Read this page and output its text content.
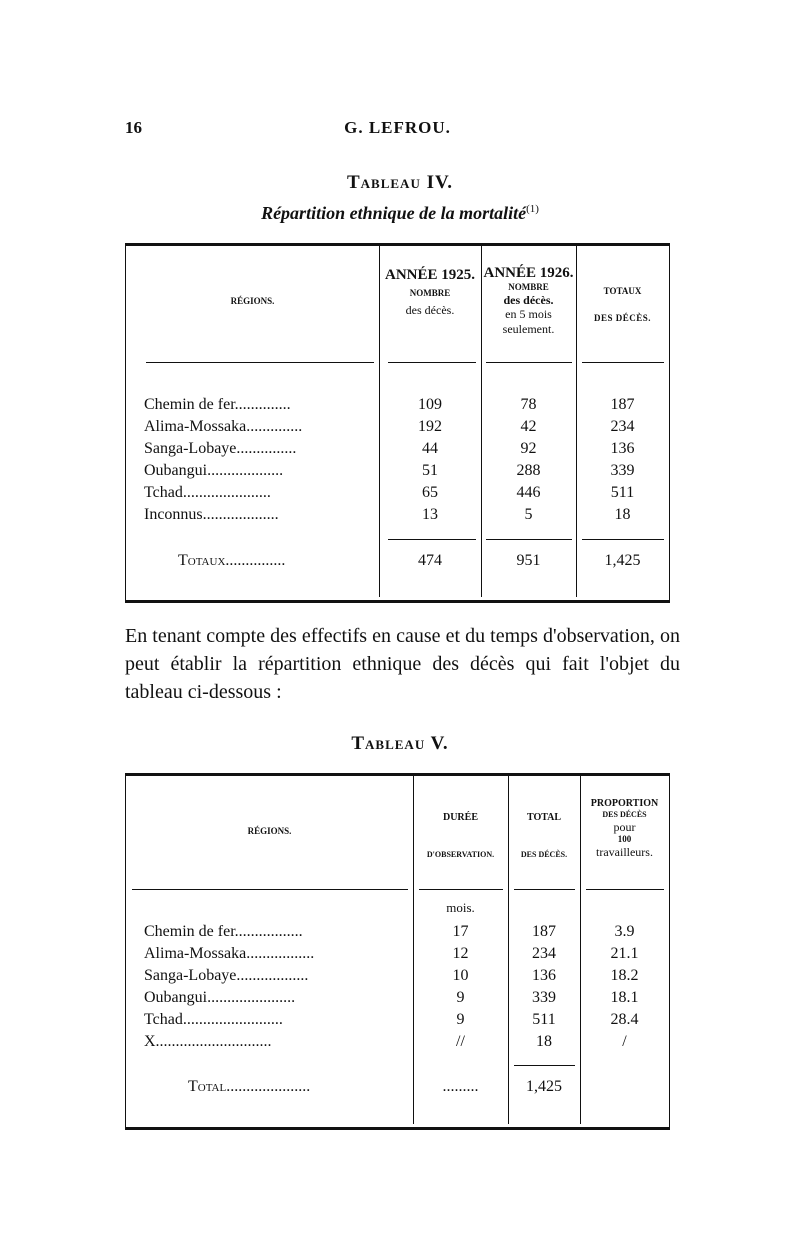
16	G. LEFROU.
Tableau IV.
Répartition ethnique de la mortalité$^{(1)}$
RÉGIONS.
ANNÉE 1925.
NOMBRE
des décès.
ANNÉE 1926.
NOMBRE
des décès.
en 5 mois
seulement.
TOTAUX
DES DÉCÈS.
Chemin de fer..............	109	78	187
Alima-Mossaka..............	192	42	234
Sanga-Lobaye...............	44	92	136
Oubangui...................	51	288	339
Tchad......................	65	446	511
Inconnus...................	13	5	18
Totaux...............	474	951	1,425
En tenant compte des effectifs en cause et du temps d'observation, on peut établir la répartition ethnique des décès qui fait l'objet du tableau ci-dessous :
Tableau V.
RÉGIONS.
DURÉE
D'OBSERVATION.
TOTAL
DES DÉCÈS.
PROPORTION
DES DÉCÈS
pour
100
travailleurs.
mois.
Chemin de fer.................	17	187	3.9
Alima-Mossaka.................	12	234	21.1
Sanga-Lobaye..................	10	136	18.2
Oubangui......................	9	339	18.1
Tchad.........................	9	511	28.4
X.............................	//	18	/
Total.....................	.........	1,425
